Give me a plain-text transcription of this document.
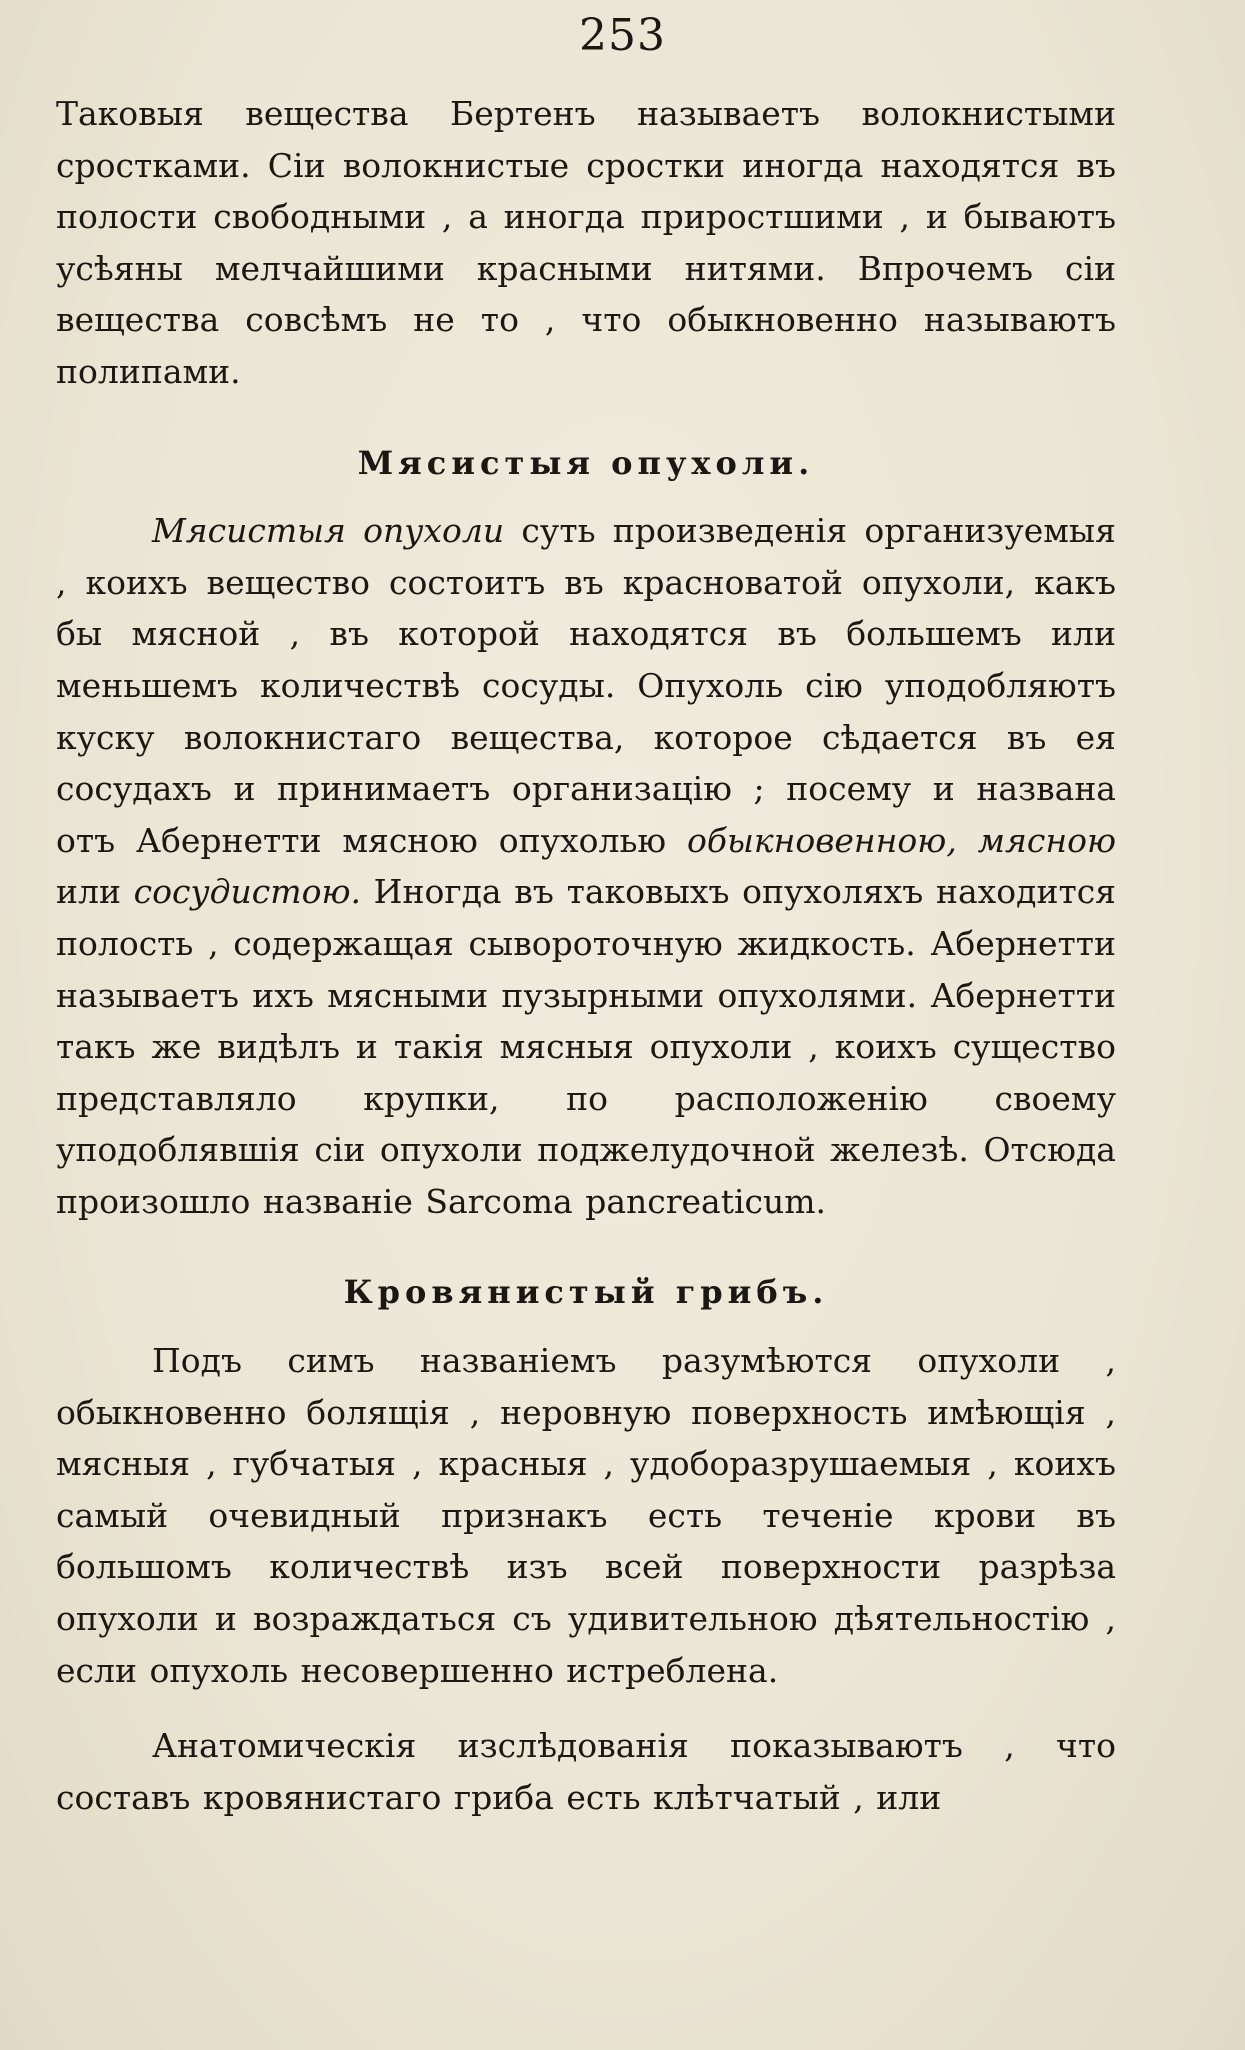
253

Таковыя вещества Бертенъ называетъ волокнистыми сростками. Сіи волокнистые сростки иногда находятся въ полости свободными , а иногда приростшими , и бываютъ усѣяны мелчайшими красными нитями. Впрочемъ сіи вещества совсѣмъ не то , что обыкновенно называютъ полипами.

Мясистыя опухоли.

Мясистыя опухоли суть произведенія организуемыя , коихъ вещество состоитъ въ красноватой опухоли, какъ бы мясной , въ которой находятся въ большемъ или меньшемъ количествѣ сосуды. Опухоль сію уподобляютъ куску волокнистаго вещества, которое сѣдается въ ея сосудахъ и принимаетъ организацію ; посему и названа отъ Абернетти мясною опухолью обыкновенною, мясною или сосудистою. Иногда въ таковыхъ опухоляхъ находится полость , содержащая сывороточную жидкость. Абернетти называетъ ихъ мясными пузырными опухолями. Абернетти такъ же видѣлъ и такія мясныя опухоли , коихъ существо представляло крупки, по расположенію своему уподоблявшія сіи опухоли поджелудочной железѣ. Отсюда произошло названіе Sarcoma pancreaticum.

Кровянистый грибъ.

Подъ симъ названіемъ разумѣются опухоли , обыкновенно болящія , неровную поверхность имѣющія , мясныя , губчатыя , красныя , удоборазрушаемыя , коихъ самый очевидный признакъ есть теченіе крови въ большомъ количествѣ изъ всей поверхности разрѣза опухоли и возраждаться съ удивительною дѣятельностію , если опухоль несовершенно истреблена.

Анатомическія изслѣдованія показываютъ , что составъ кровянистаго гриба есть клѣтчатый , или
